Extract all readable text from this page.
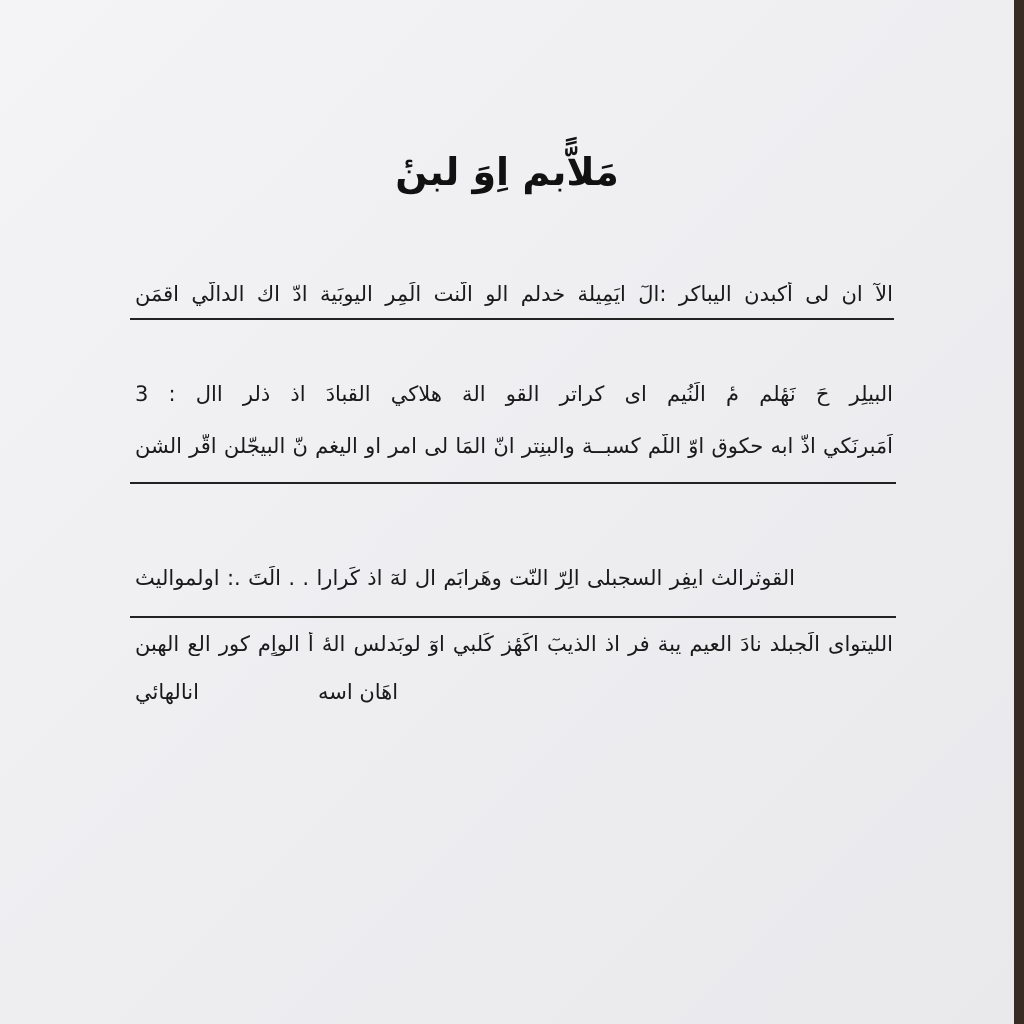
مَلاًّبم اِوَ لبنٔ
الآ انٕ لى أكبدن اليباكر :الٓ ايَمِيلة خدلم الو الّنت الَمِر اليوبَية ادّ اك الدالّي اقمَن
البيلِر حَ نَهٔلم مٔ الَنُيم اى كراتر القو الة هلاكي القبادَ اذ ذلر اال : 3
اَمَبرنَكي اذّ ابه حكوق اوّ اللّم كسبــة والبنِتر انّ المَا لى امر او اليغم نّ البيجّلن اقّر الشن
القوثرالث ايفِر السجبلى الِرّ النّت وهَرابَم ال لهٓ اذ كَرارا . . الَتَ .: اوٕلمواليث
الليتواى الَجبلد نادَ العيم يبة فر اذ الذيبٓ اكَهٔز كَلبي اوٓ لوبَدلس الهٔ أ الواٍم كور الع الهبن
انالهائي	اهَان اسه
